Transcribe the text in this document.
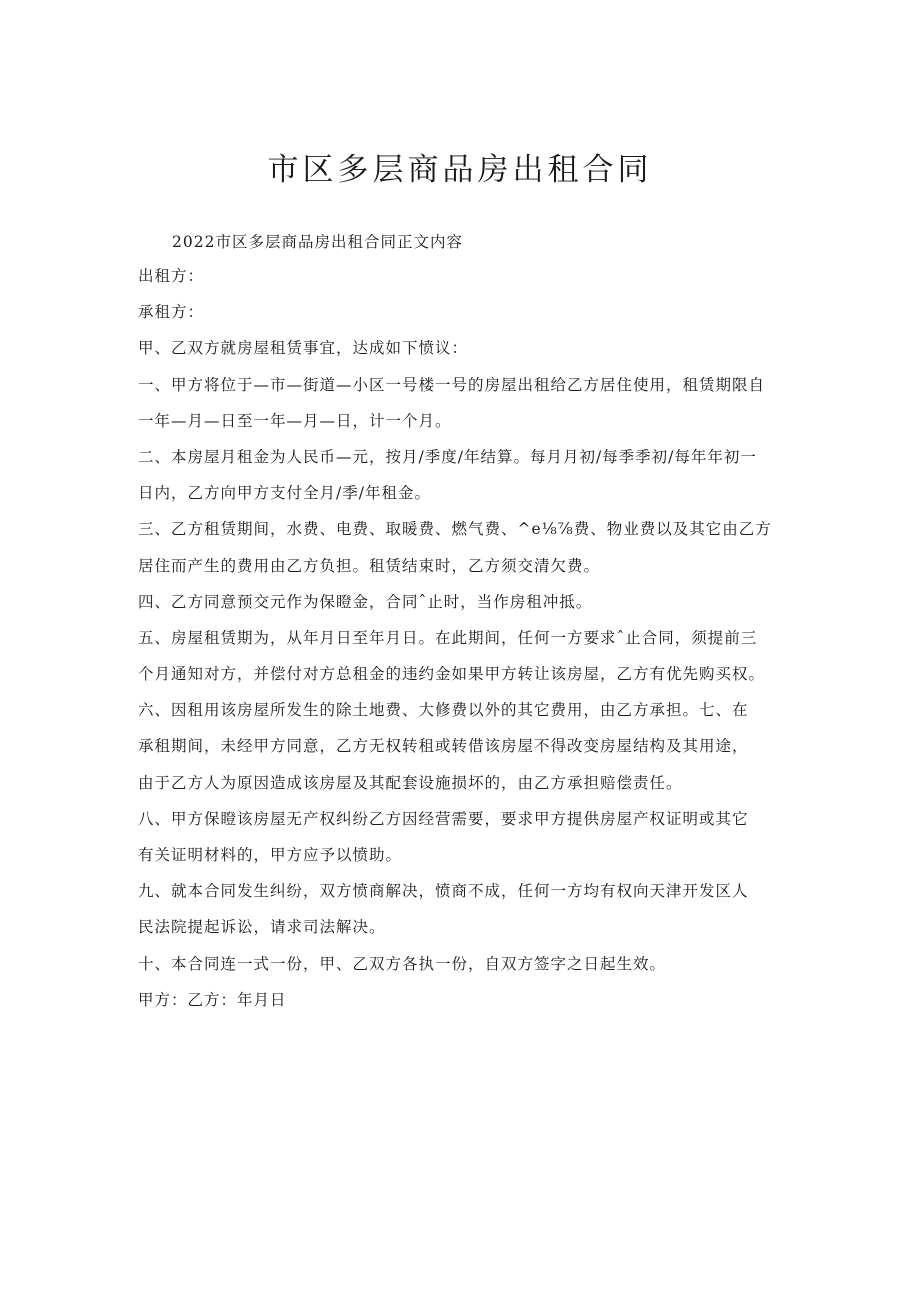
市区多层商品房出租合同
2022市区多层商品房出租合同正文内容
出租方：
承租方：
甲、乙双方就房屋租赁事宜，达成如下愤议：
一、甲方将位于—市—街道—小区一号楼一号的房屋出租给乙方居住使用，租赁期限自
一年—月—日至一年—月—日，计一个月。
二、本房屋月租金为人民币—元，按月/季度/年结算。每月月初/每季季初/每年年初一
日内，乙方向甲方支付全月/季/年租金。
三、乙方租赁期间，水费、电费、取暖费、燃气费、^e⅛⅞费、物业费以及其它由乙方
居住而产生的费用由乙方负担。租赁结束时，乙方须交清欠费。
四、乙方同意预交元作为保瞪金，合同ˆ止时，当作房租冲抵。
五、房屋租赁期为，从年月日至年月日。在此期间，任何一方要求ˆ止合同，须提前三
个月通知对方，并偿付对方总租金的违约金如果甲方转让该房屋，乙方有优先购买权。
六、因租用该房屋所发生的除土地费、大修费以外的其它费用，由乙方承担。七、在
承租期间，未经甲方同意，乙方无权转租或转借该房屋不得改变房屋结构及其用途，
由于乙方人为原因造成该房屋及其配套设施损坏的，由乙方承担赔偿责任。
八、甲方保瞪该房屋无产权纠纷乙方因经营需要，要求甲方提供房屋产权证明或其它
有关证明材料的，甲方应予以愤助。
九、就本合同发生纠纷，双方愤商解决，愤商不成，任何一方均有权向天津开发区人
民法院提起诉讼，请求司法解决。
十、本合同连一式一份，甲、乙双方各执一份，自双方签字之日起生效。
甲方：乙方：年月日
